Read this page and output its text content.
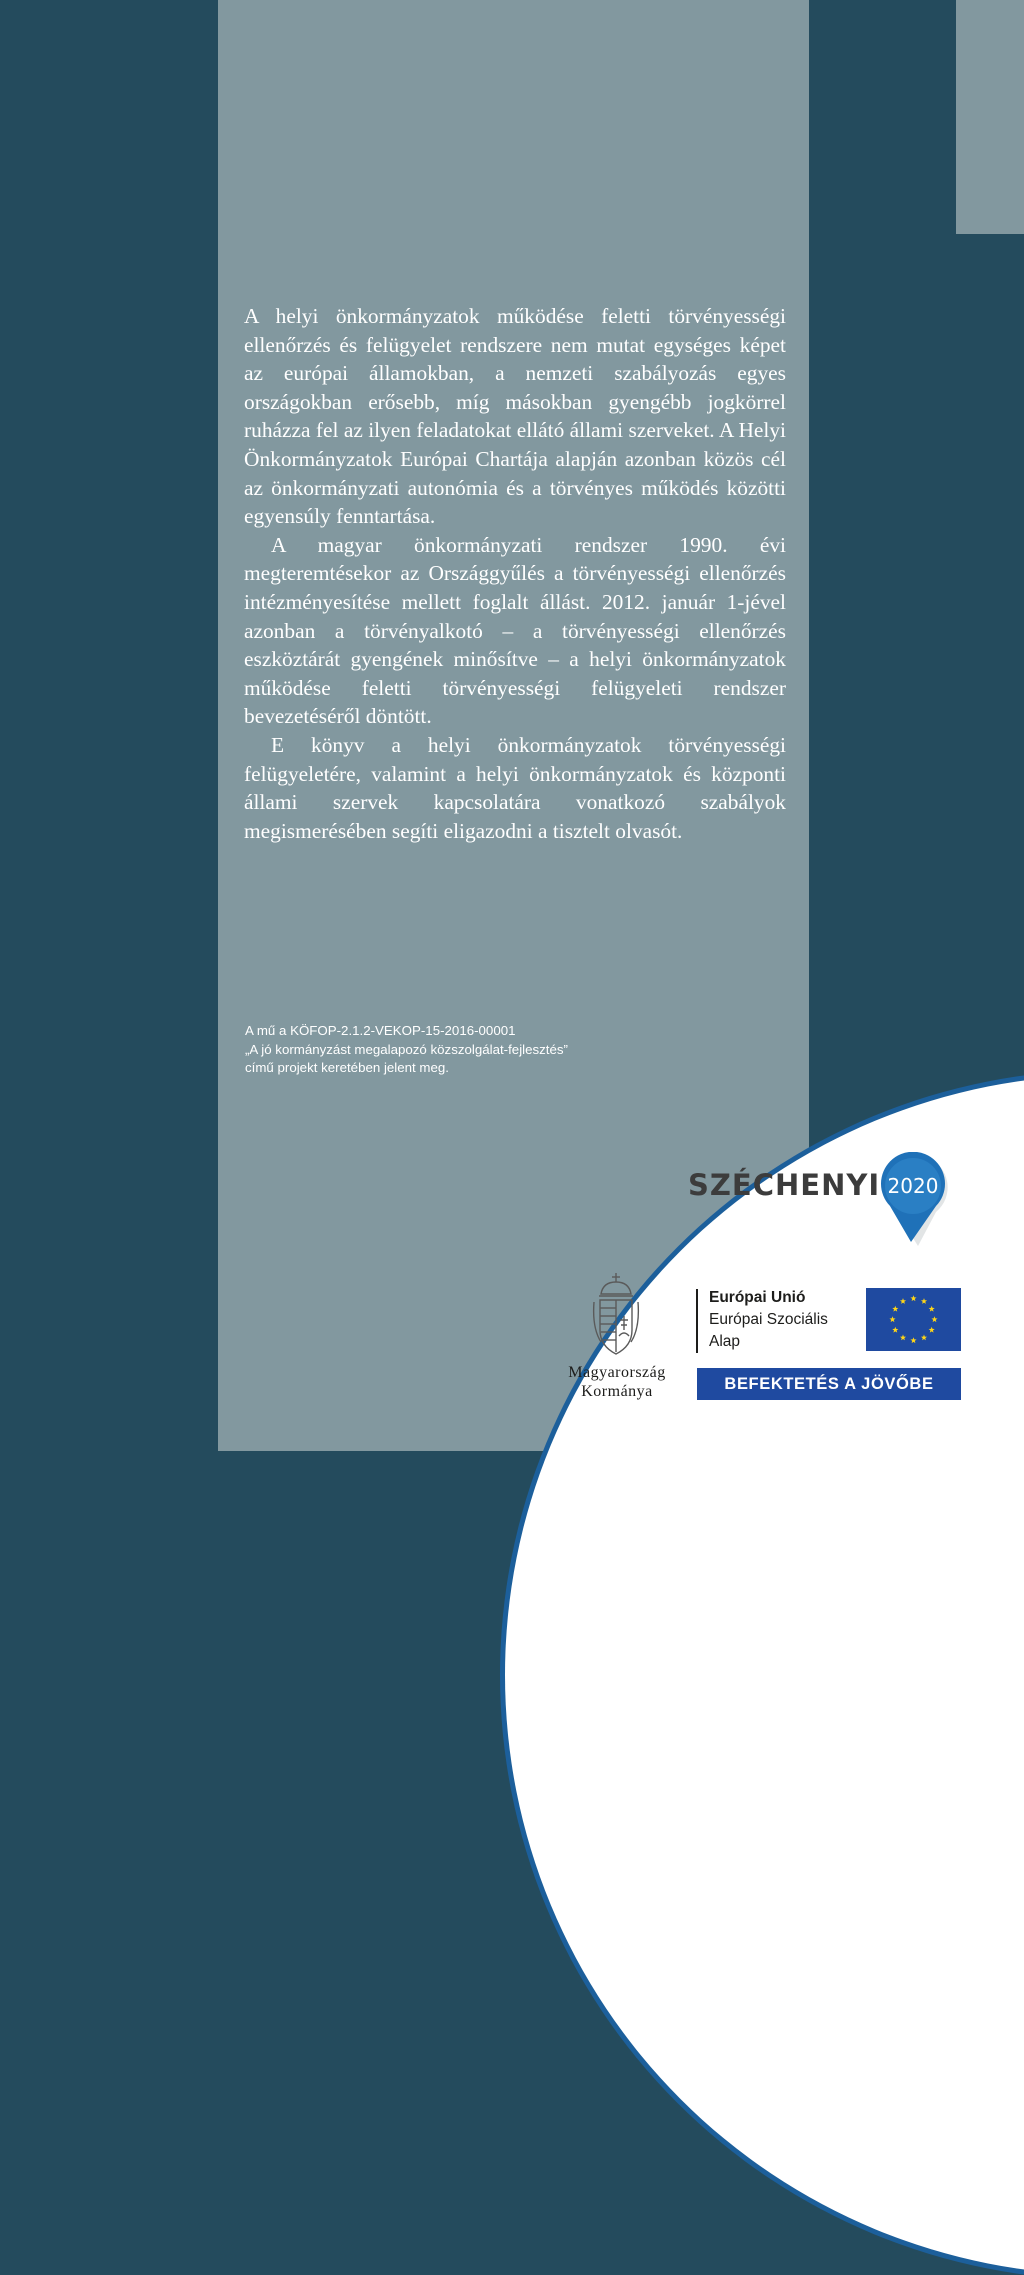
A helyi önkormányzatok működése feletti törvényességi ellenőrzés és felügyelet rendszere nem mutat egységes képet az európai államokban, a nemzeti szabályozás egyes országokban erősebb, míg másokban gyengébb jogkörrel ruházza fel az ilyen feladatokat ellátó állami szerveket. A Helyi Önkormányzatok Európai Chartája alapján azonban közös cél az önkormányzati autonómia és a törvényes működés közötti egyensúly fenntartása.

A magyar önkormányzati rendszer 1990. évi megteremtésekor az Országgyűlés a törvényességi ellenőrzés intézményesítése mellett foglalt állást. 2012. január 1-jével azonban a törvényalkotó – a törvényességi ellenőrzés eszköztárát gyengének minősítve – a helyi önkormányzatok működése feletti törvényességi felügyeleti rendszer bevezetéséről döntött.

E könyv a helyi önkormányzatok törvényességi felügyeletére, valamint a helyi önkormányzatok és központi állami szervek kapcsolatára vonatkozó szabályok megismerésében segíti eligazodni a tisztelt olvasót.

A mű a KÖFOP-2.1.2-VEKOP-15-2016-00001
„A jó kormányzást megalapozó közszolgálat-fejlesztés”
című projekt keretében jelent meg.
SZÉCHENYI 2020
Magyarország
Kormánya
Európai Unió
Európai Szociális
Alap
BEFEKTETÉS A JÖVŐBE
